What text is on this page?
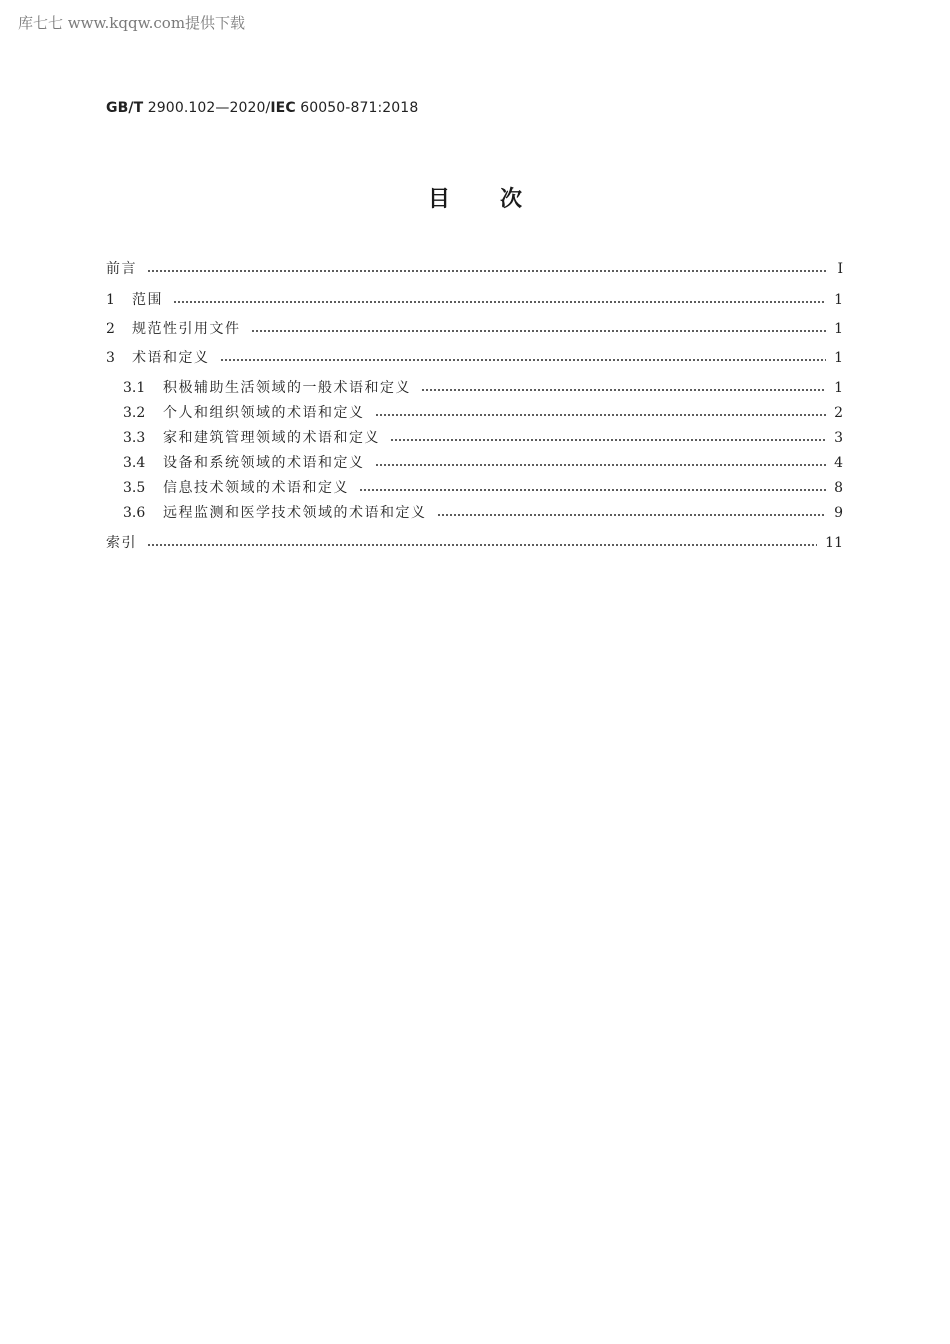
库七七 www.kqqw.com提供下载
GB/T 2900.102—2020/IEC 60050-871:2018
目次
前言	I
1	范围	1
2	规范性引用文件	1
3	术语和定义	1
3.1	积极辅助生活领域的一般术语和定义	1
3.2	个人和组织领域的术语和定义	2
3.3	家和建筑管理领域的术语和定义	3
3.4	设备和系统领域的术语和定义	4
3.5	信息技术领域的术语和定义	8
3.6	远程监测和医学技术领域的术语和定义	9
索引	11
